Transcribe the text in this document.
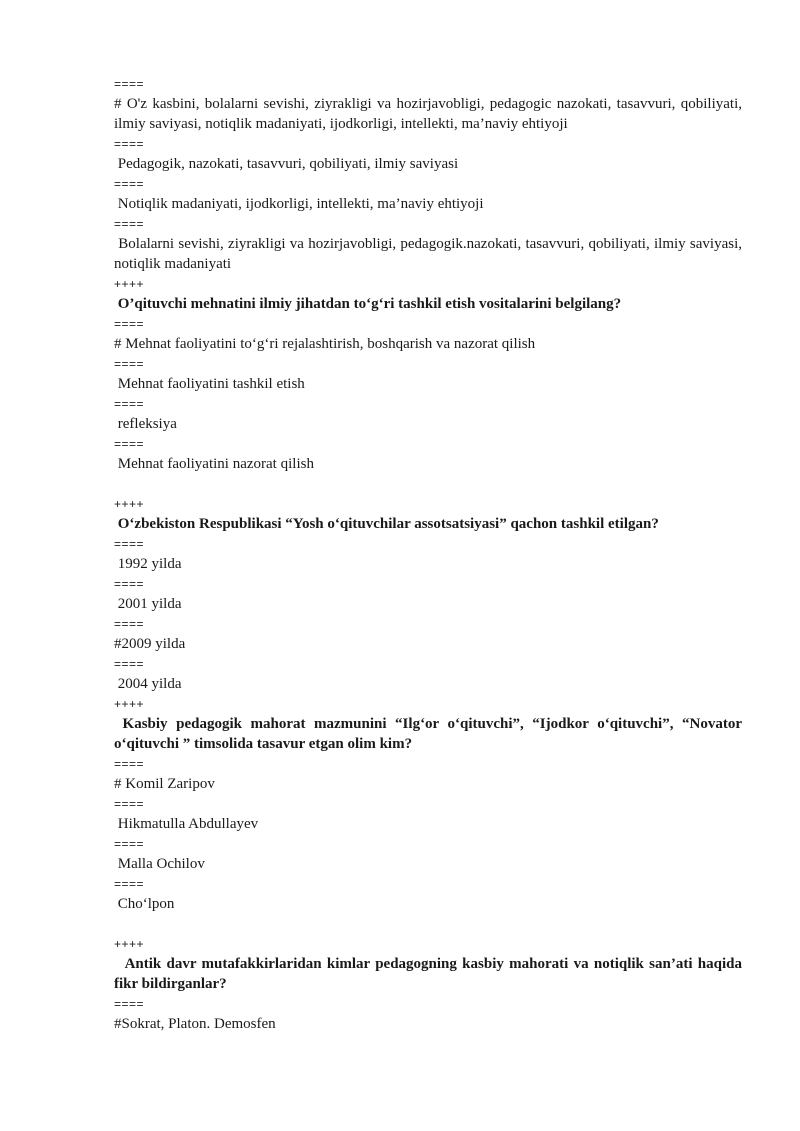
====
# O'z kasbini, bolalarni sevishi, ziyrakligi va hozirjavobligi, pedagogic nazokati, tasavvuri, qobiliyati, ilmiy saviyasi, notiqlik madaniyati, ijodkorligi, intellekti, ma’naviy ehtiyoji
====
Pedagogik, nazokati, tasavvuri, qobiliyati, ilmiy saviyasi
====
Notiqlik madaniyati, ijodkorligi, intellekti, ma’naviy ehtiyoji
====
Bolalarni sevishi, ziyrakligi va hozirjavobligi, pedagogik.nazokati, tasavvuri, qobiliyati, ilmiy saviyasi, notiqlik madaniyati
++++
O’qituvchi mehnatini ilmiy jihatdan to‘g‘ri tashkil etish vositalarini belgilang?
====
# Mehnat faoliyatini to‘g‘ri rejalashtirish, boshqarish va nazorat qilish
====
Mehnat faoliyatini tashkil etish
====
refleksiya
====
Mehnat faoliyatini nazorat qilish
++++
O‘zbekiston Respublikasi “Yosh o‘qituvchilar assotsatsiyasi” qachon tashkil etilgan?
====
1992 yilda
====
2001 yilda
====
#2009 yilda
====
2004 yilda
++++
Kasbiy pedagogik mahorat mazmunini “Ilg‘or o‘qituvchi”, “Ijodkor o‘qituvchi”, “Novator o‘qituvchi ” timsolida tasavur etgan olim kim?
====
# Komil Zaripov
====
Hikmatulla Abdullayev
====
Malla Ochilov
====
Cho‘lpon
++++
Antik davr mutafakkirlaridan kimlar pedagogning kasbiy mahorati va notiqlik san’ati haqida fikr bildirganlar?
====
#Sokrat, Platon. Demosfen
